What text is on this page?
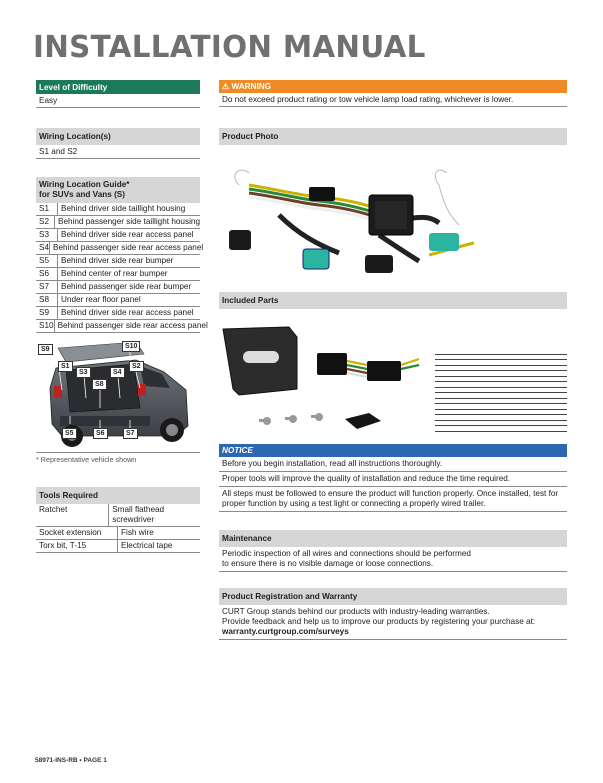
INSTALLATION MANUAL
Level of Difficulty
Easy
Wiring Location(s)
S1 and S2
Wiring Location Guide*
for SUVs and Vans (S)
S1	Behind driver side taillight housing
S2	Behind passenger side taillight housing
S3	Behind driver side rear access panel
S4 Behind passenger side rear access panel
S5	Behind driver side rear bumper
S6	Behind center of rear bumper
S7	Behind passenger side rear bumper
S8	Under rear floor panel
S9	Behind driver side rear access panel
S10 Behind passenger side rear access panel
S9	S10
S1
S3	S4
S2
S8
S5	S6	S7
* Representative vehicle shown
Tools Required
Ratchet	Small flathead screwdriver
Socket extension	Fish wire
Torx bit, T-15	Electrical tape
⚠ WARNING
Do not exceed product rating or tow vehicle lamp load rating, whichever is lower.
Product Photo
Included Parts
NOTICE
Before you begin installation, read all instructions thoroughly.
Proper tools will improve the quality of installation and reduce the time required.
All steps must be followed to ensure the product will function properly. Once installed, test for proper function by using a test light or connecting a properly wired trailer.
Maintenance
Periodic inspection of all wires and connections should be performed to ensure there is no visible damage or loose connections.
Product Registration and Warranty
CURT Group stands behind our products with industry-leading warranties.
Provide feedback and help us to improve our products by registering your purchase at:
warranty.curtgroup.com/surveys
58971-INS-RB • PAGE 1
